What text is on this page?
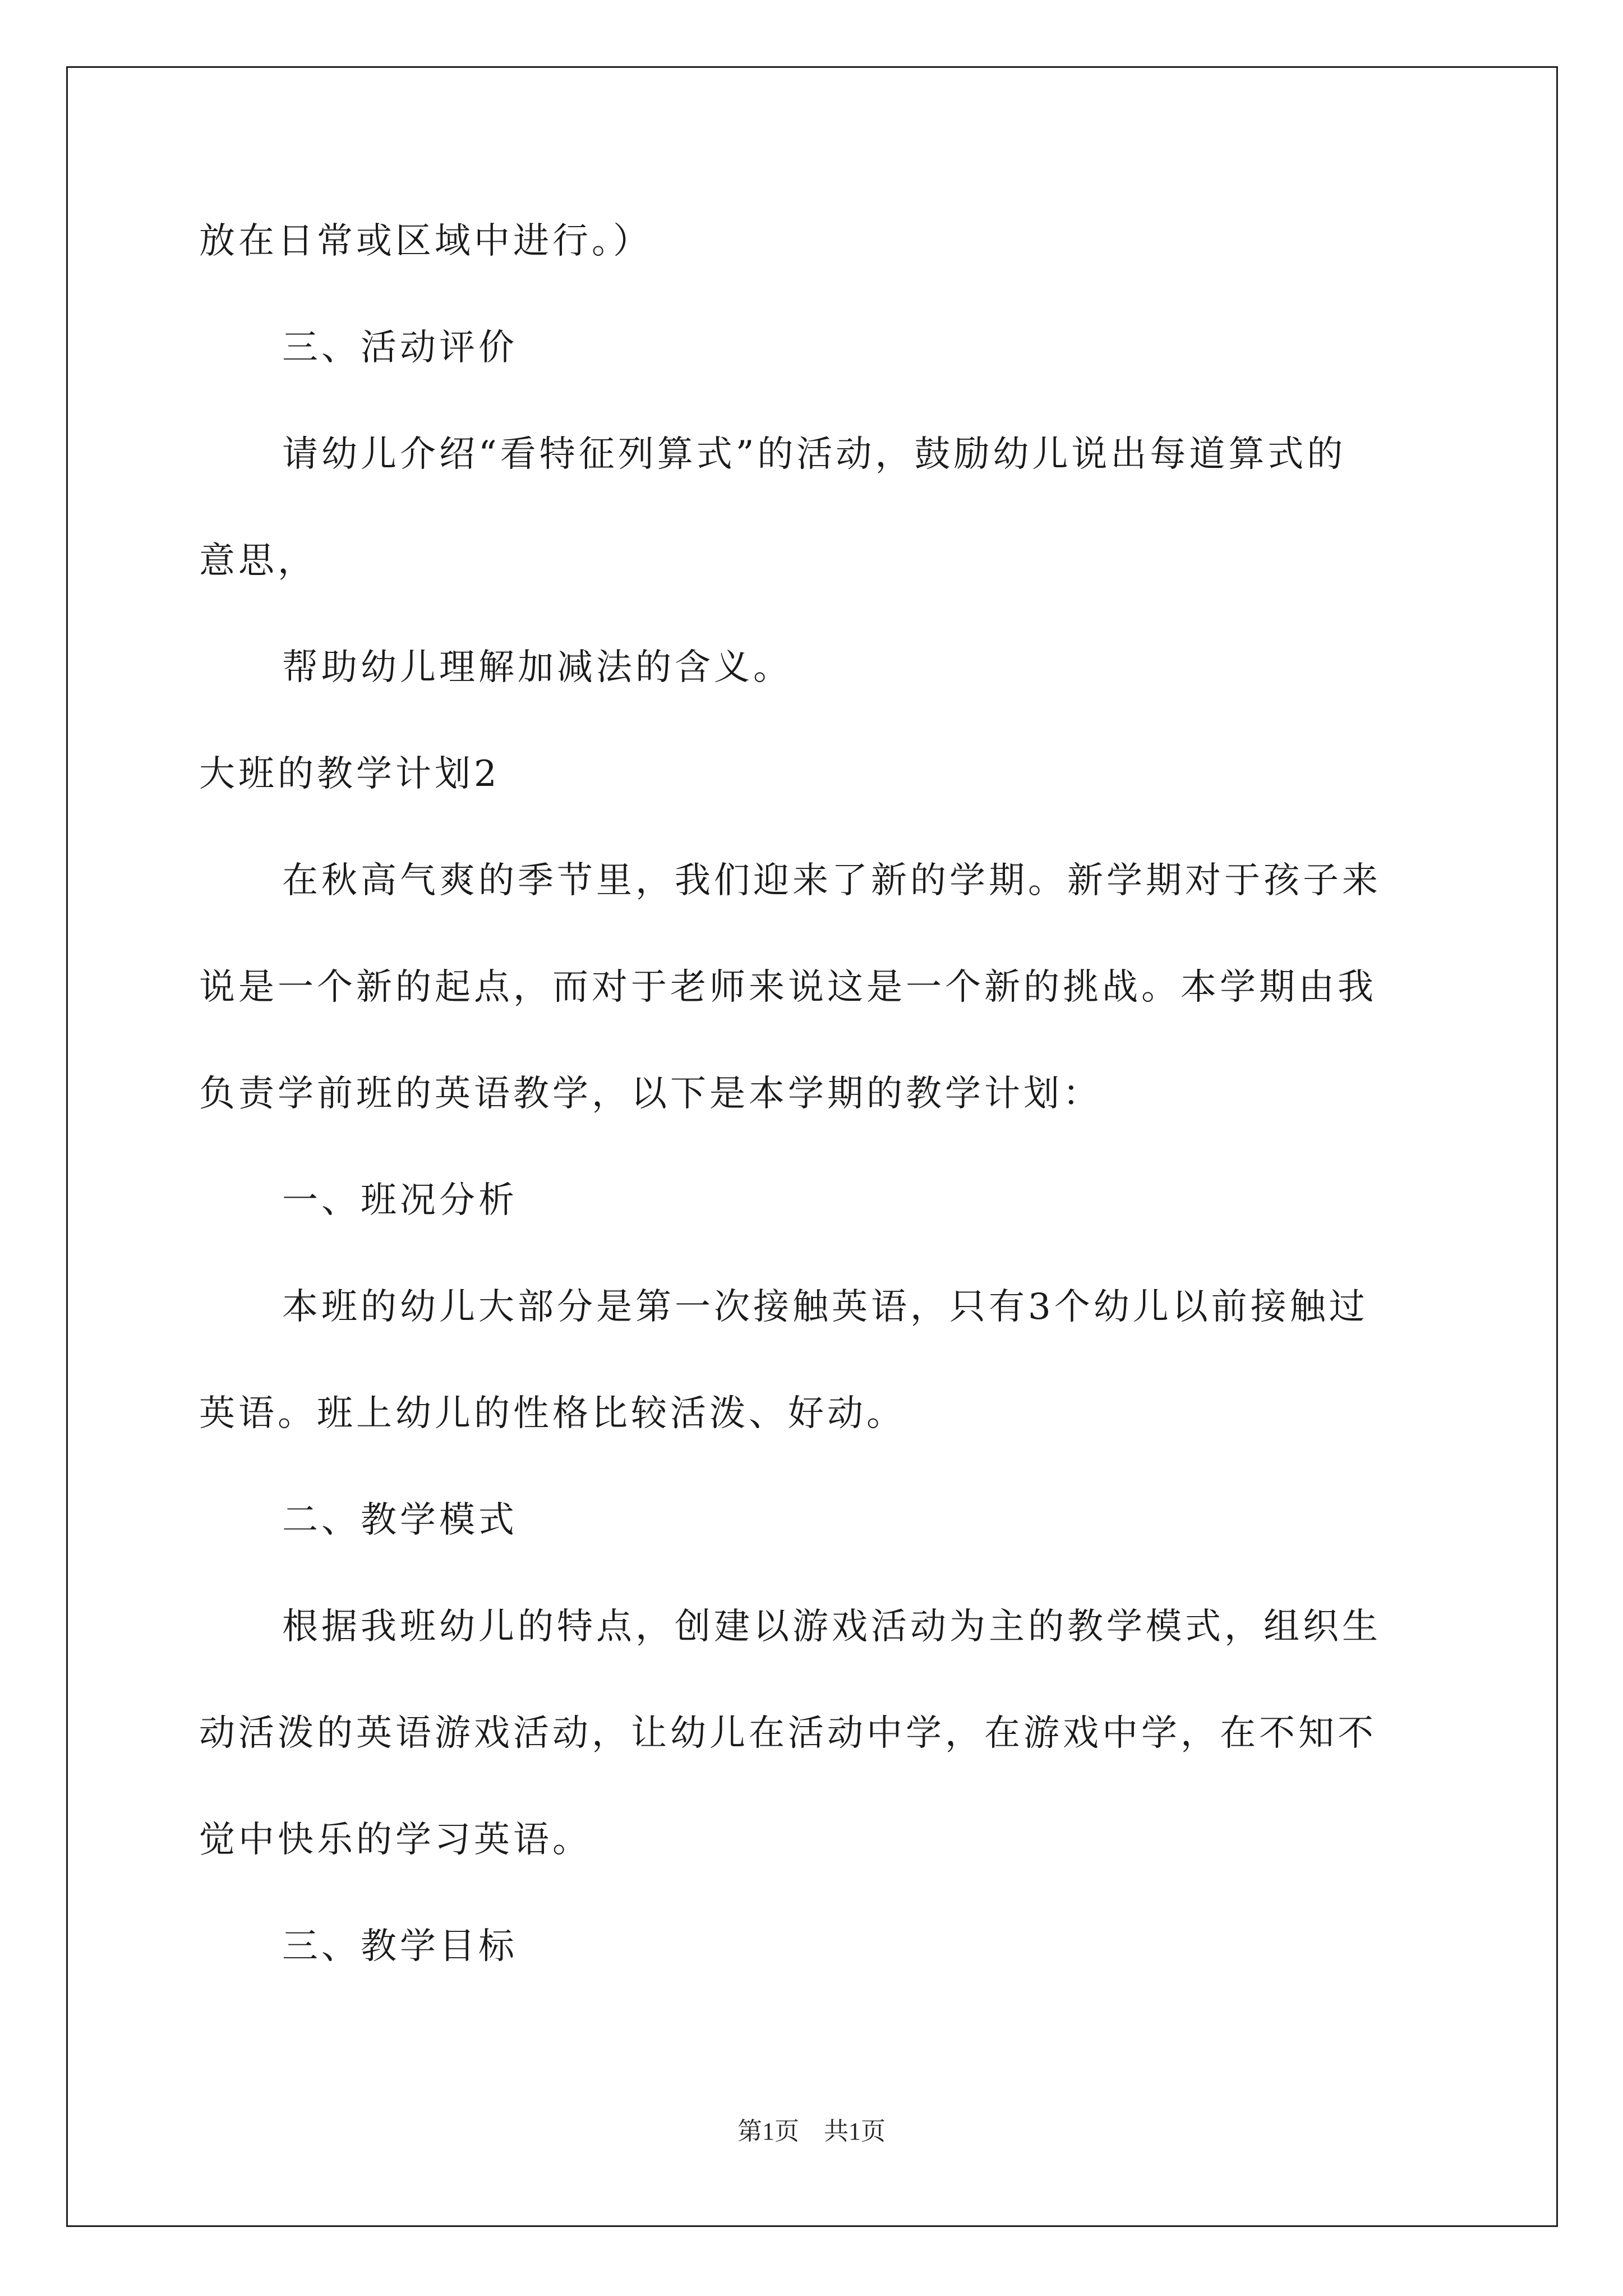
放在日常或区域中进行。）
三、活动评价
请幼儿介绍“看特征列算式”的活动，鼓励幼儿说出每道算式的
意思，
帮助幼儿理解加减法的含义。
大班的教学计划2
在秋高气爽的季节里，我们迎来了新的学期。新学期对于孩子来
说是一个新的起点，而对于老师来说这是一个新的挑战。本学期由我
负责学前班的英语教学，以下是本学期的教学计划：
一、班况分析
本班的幼儿大部分是第一次接触英语，只有3个幼儿以前接触过
英语。班上幼儿的性格比较活泼、好动。
二、教学模式
根据我班幼儿的特点，创建以游戏活动为主的教学模式，组织生
动活泼的英语游戏活动，让幼儿在活动中学，在游戏中学，在不知不
觉中快乐的学习英语。
三、教学目标
第1页　共1页
